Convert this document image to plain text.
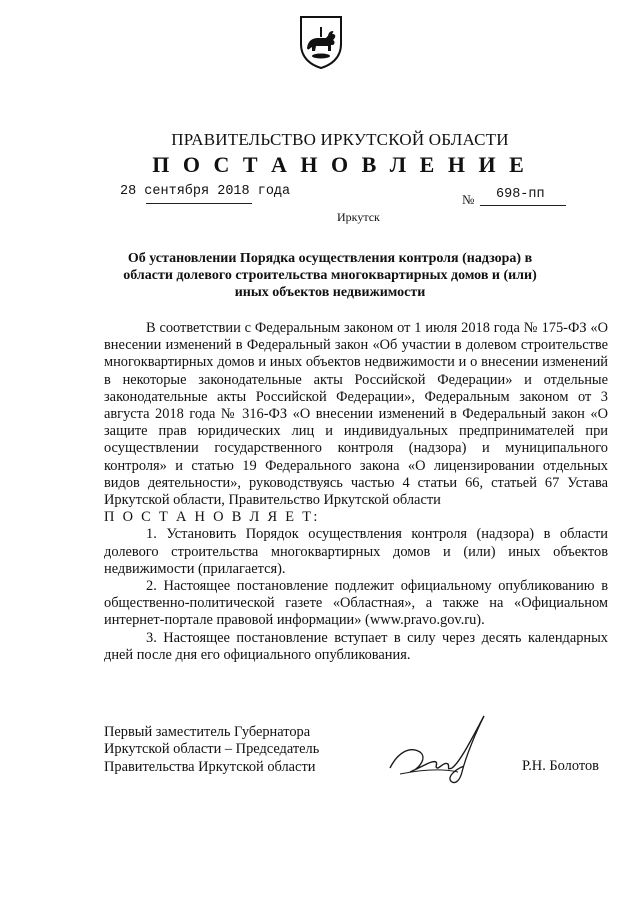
ПРАВИТЕЛЬСТВО ИРКУТСКОЙ ОБЛАСТИ
П О С Т А Н О В Л Е Н И Е
28 сентября 2018 года
№ 698-пп
Иркутск
Об установлении Порядка осуществления контроля (надзора) в области долевого строительства многоквартирных домов и (или) иных объектов недвижимости

В соответствии с Федеральным законом от 1 июля 2018 года № 175-ФЗ «О внесении изменений в Федеральный закон «Об участии в долевом строительстве многоквартирных домов и иных объектов недвижимости и о внесении изменений в некоторые законодательные акты Российской Федерации» и отдельные законодательные акты Российской Федерации», Федеральным законом от 3 августа 2018 года № 316-ФЗ «О внесении изменений в Федеральный закон «О защите прав юридических лиц и индивидуальных предпринимателей при осуществлении государственного контроля (надзора) и муниципального контроля» и статью 19 Федерального закона «О лицензировании отдельных видов деятельности», руководствуясь частью 4 статьи 66, статьей 67 Устава Иркутской области, Правительство Иркутской области

П О С Т А Н О В Л Я Е Т:

1. Установить Порядок осуществления контроля (надзора) в области долевого строительства многоквартирных домов и (или) иных объектов недвижимости (прилагается).

2. Настоящее постановление подлежит официальному опубликованию в общественно-политической газете «Областная», а также на «Официальном интернет-портале правовой информации» (www.pravo.gov.ru).

3. Настоящее постановление вступает в силу через десять календарных дней после дня его официального опубликования.

Первый заместитель Губернатора
Иркутской области – Председатель
Правительства Иркутской области	Р.Н. Болотов
